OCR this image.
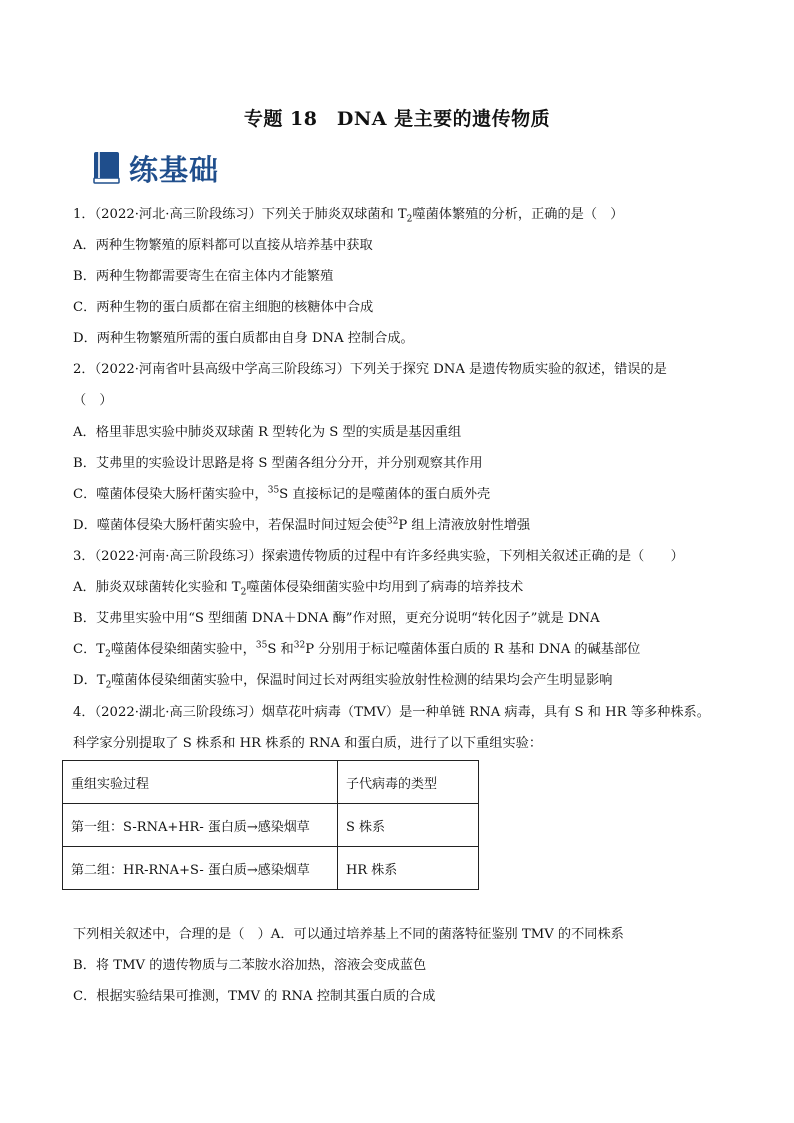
专题 18　DNA 是主要的遗传物质
练基础
1．（2022·河北·高三阶段练习）下列关于肺炎双球菌和 $T_2$噬菌体繁殖的分析，正确的是（　）
A．两种生物繁殖的原料都可以直接从培养基中获取
B．两种生物都需要寄生在宿主体内才能繁殖
C．两种生物的蛋白质都在宿主细胞的核糖体中合成
D．两种生物繁殖所需的蛋白质都由自身 DNA 控制合成。
2．（2022·河南省叶县高级中学高三阶段练习）下列关于探究 DNA 是遗传物质实验的叙述，错误的是
（　）
A．格里菲思实验中肺炎双球菌 R 型转化为 S 型的实质是基因重组
B．艾弗里的实验设计思路是将 S 型菌各组分分开，并分别观察其作用
C．噬菌体侵染大肠杆菌实验中，$^{35}$S 直接标记的是噬菌体的蛋白质外壳
D．噬菌体侵染大肠杆菌实验中，若保温时间过短会使$^{32}$P 组上清液放射性增强
3．（2022·河南·高三阶段练习）探索遗传物质的过程中有许多经典实验，下列相关叙述正确的是（　　）
A．肺炎双球菌转化实验和 $T_2$噬菌体侵染细菌实验中均用到了病毒的培养技术
B．艾弗里实验中用“S 型细菌 DNA＋DNA 酶”作对照，更充分说明“转化因子”就是 DNA
C．$T_2$噬菌体侵染细菌实验中，$^{35}$S 和$^{32}$P 分别用于标记噬菌体蛋白质的 R 基和 DNA 的碱基部位
D．$T_2$噬菌体侵染细菌实验中，保温时间过长对两组实验放射性检测的结果均会产生明显影响
4．（2022·湖北·高三阶段练习）烟草花叶病毒（TMV）是一种单链 RNA 病毒，具有 S 和 HR 等多种株系。
科学家分别提取了 S 株系和 HR 株系的 RNA 和蛋白质，进行了以下重组实验：
重组实验过程	子代病毒的类型
第一组：S-RNA+HR- 蛋白质→感染烟草	S 株系
第二组：HR-RNA+S- 蛋白质→感染烟草	HR 株系
下列相关叙述中，合理的是（　）A．可以通过培养基上不同的菌落特征鉴别 TMV 的不同株系
B．将 TMV 的遗传物质与二苯胺水浴加热，溶液会变成蓝色
C．根据实验结果可推测，TMV 的 RNA 控制其蛋白质的合成
